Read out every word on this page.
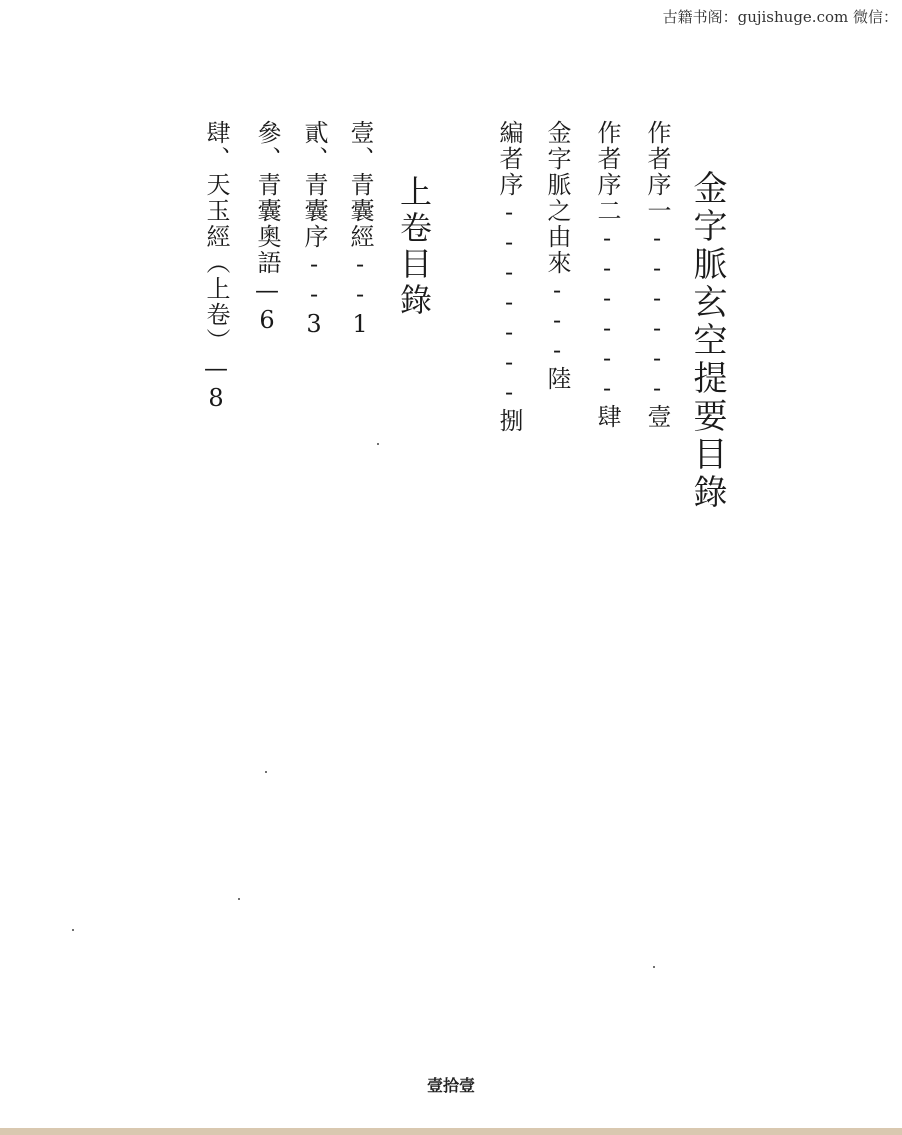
古籍书阁：gujishuge.com 微信：
金字脈玄空提要目錄
作者序一------壹
作者序二------肆
金字脈之由來---陸
編者序-------捌
上卷目錄
壹、青囊經--1
貳、青囊序--3
參、青囊奧語—6
肆、天玉經（上卷）—8
壹拾壹
